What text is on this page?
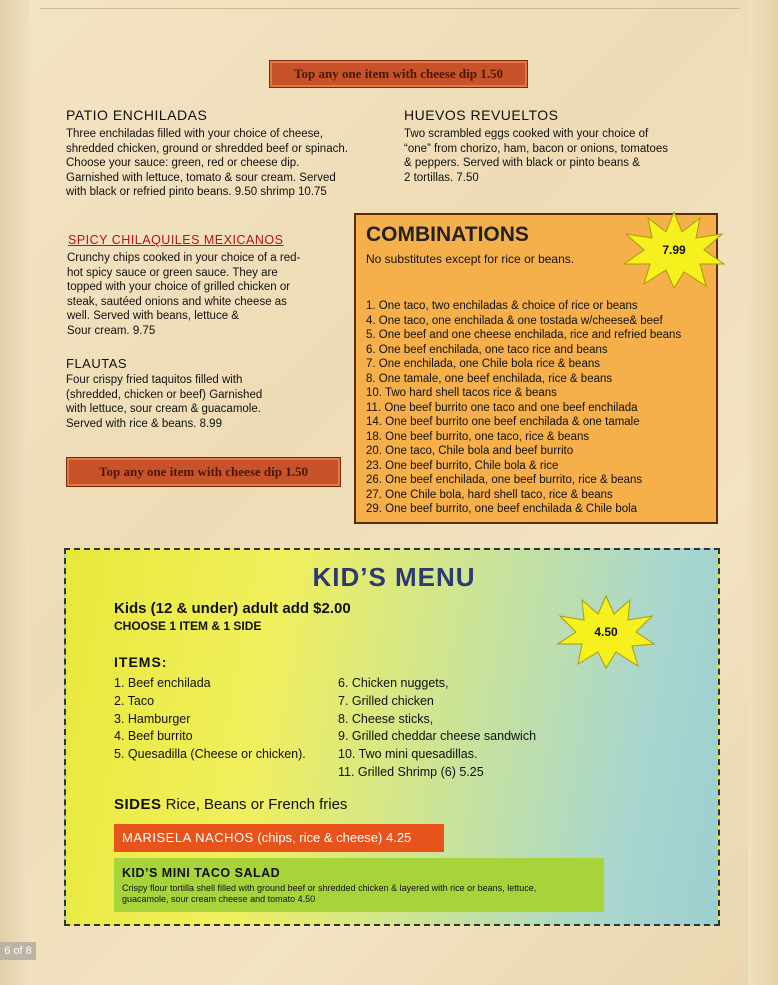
Top any one item with cheese dip 1.50
PATIO ENCHILADAS
Three enchiladas filled with your choice of cheese,
shredded chicken, ground or shredded beef or spinach.
Choose your sauce: green, red or cheese dip.
Garnished with lettuce, tomato & sour cream. Served
with black or refried pinto beans. 9.50 shrimp 10.75
HUEVOS REVUELTOS
Two scrambled eggs cooked with your choice of
“one” from chorizo, ham, bacon or onions, tomatoes
& peppers. Served with black or pinto beans &
2 tortillas. 7.50
SPICY CHILAQUILES MEXICANOS
Crunchy chips cooked in your choice of a red-
hot spicy sauce or green sauce. They are
topped with your choice of grilled chicken or
steak, sautéed onions and white cheese as
well. Served with beans, lettuce &
Sour cream. 9.75
FLAUTAS
Four crispy fried taquitos filled with
(shredded, chicken or beef) Garnished
with lettuce, sour cream & guacamole.
Served with rice & beans. 8.99
Top any one item with cheese dip 1.50
COMBINATIONS
No substitutes except for rice or beans.
1. One taco, two enchiladas & choice of rice or beans
4. One taco, one enchilada & one tostada w/cheese& beef
5. One beef and one cheese enchilada, rice and refried beans
6. One beef enchilada, one taco rice and beans
7. One enchilada, one Chile bola rice & beans
8. One tamale, one beef enchilada, rice & beans
10. Two hard shell tacos rice & beans
11. One beef burrito one taco and one beef enchilada
14. One beef burrito one beef enchilada & one tamale
18. One beef burrito, one taco, rice & beans
20. One taco, Chile bola and beef burrito
23. One beef burrito, Chile bola & rice
26. One beef enchilada, one beef burrito, rice & beans
27. One Chile bola, hard shell taco, rice & beans
29. One beef burrito, one beef enchilada & Chile bola
7.99
KID’S MENU
Kids (12 & under) adult add $2.00
CHOOSE 1 ITEM & 1 SIDE
ITEMS:
1. Beef enchilada
2. Taco
3. Hamburger
4. Beef burrito
5. Quesadilla (Cheese or chicken).
6. Chicken nuggets,
7. Grilled chicken
8. Cheese sticks,
9. Grilled cheddar cheese sandwich
10. Two mini quesadillas.
11. Grilled Shrimp (6) 5.25
SIDES Rice, Beans or French fries
MARISELA NACHOS (chips, rice & cheese) 4.25
KID’S MINI TACO SALAD
Crispy flour tortilla shell filled with ground beef or shredded chicken & layered with rice or beans, lettuce,
guacamole, sour cream cheese and tomato 4.50
4.50
6 of 8
